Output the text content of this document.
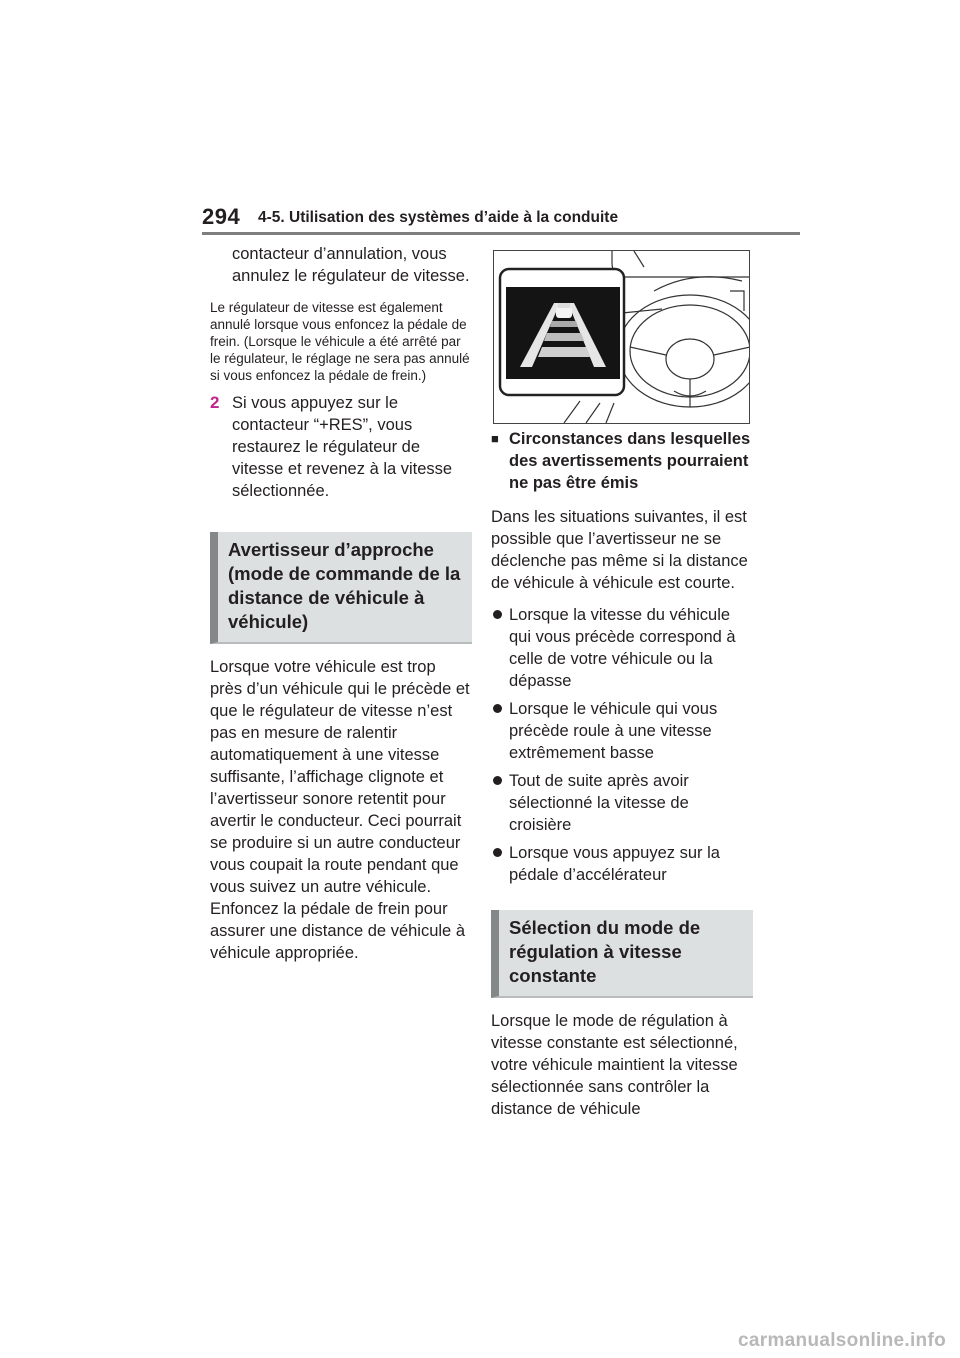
294 4-5. Utilisation des systèmes d’aide à la conduite
contacteur d’annulation, vous annulez le régulateur de vitesse.
Le régulateur de vitesse est également annulé lorsque vous enfoncez la pédale de frein. (Lorsque le véhicule a été arrêté par le régulateur, le réglage ne sera pas annulé si vous enfoncez la pédale de frein.)
2 Si vous appuyez sur le contacteur “+RES”, vous restaurez le régulateur de vitesse et revenez à la vitesse sélectionnée.
Avertisseur d’approche (mode de commande de la distance de véhicule à véhicule)
Lorsque votre véhicule est trop près d’un véhicule qui le précède et que le régulateur de vitesse n’est pas en mesure de ralentir automatiquement à une vitesse suffisante, l’affichage clignote et l’avertisseur sonore retentit pour avertir le conducteur. Ceci pourrait se produire si un autre conducteur vous coupait la route pendant que vous suivez un autre véhicule. Enfoncez la pédale de frein pour assurer une distance de véhicule à véhicule appropriée.
■ Circonstances dans lesquelles des avertissements pourraient ne pas être émis
Dans les situations suivantes, il est possible que l’avertisseur ne se déclenche pas même si la distance de véhicule à véhicule est courte.
Lorsque la vitesse du véhicule qui vous précède correspond à celle de votre véhicule ou la dépasse
Lorsque le véhicule qui vous précède roule à une vitesse extrêmement basse
Tout de suite après avoir sélectionné la vitesse de croisière
Lorsque vous appuyez sur la pédale d’accélérateur
Sélection du mode de régulation à vitesse constante
Lorsque le mode de régulation à vitesse constante est sélectionné, votre véhicule maintient la vitesse sélectionnée sans contrôler la distance de véhicule
carmanualsonline.info
